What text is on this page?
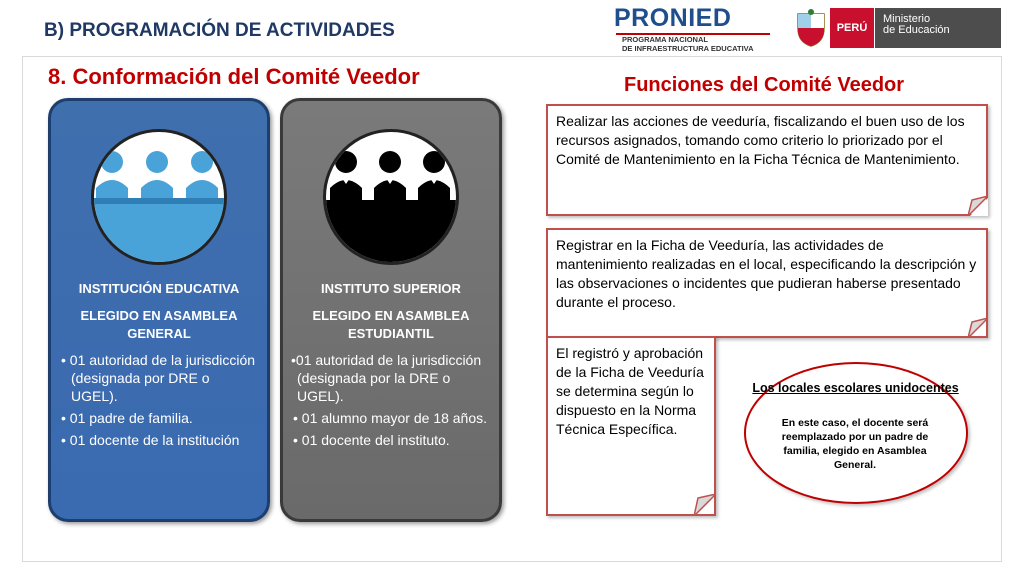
B) PROGRAMACIÓN DE ACTIVIDADES
8. Conformación del Comité Veedor	Funciones del Comité Veedor
PRONIED
PROGRAMA NACIONAL
DE INFRAESTRUCTURA EDUCATIVA
PERÚ
Ministerio
de Educación
INSTITUCIÓN EDUCATIVA
ELEGIDO EN ASAMBLEA GENERAL
• 01 autoridad de la jurisdicción (designada por DRE o UGEL).
• 01 padre de familia.
• 01 docente de la institución
INSTITUTO SUPERIOR
ELEGIDO EN ASAMBLEA ESTUDIANTIL
•01 autoridad de la jurisdicción (designada por la DRE o UGEL).
• 01 alumno mayor de 18 años.
• 01 docente del instituto.
Realizar las acciones de veeduría, fiscalizando el buen uso de los recursos asignados, tomando como criterio lo priorizado por el Comité de Mantenimiento en la Ficha Técnica de Mantenimiento.
Registrar en la Ficha de Veeduría, las actividades de mantenimiento realizadas en el local, especificando la descripción y las observaciones o incidentes que pudieran haberse presentado durante el proceso.
El registró y aprobación de la Ficha de Veeduría se determina según lo dispuesto en la Norma Técnica Específica.
Los locales escolares unidocentes
En este caso, el docente será reemplazado por un padre de familia, elegido en Asamblea General.
